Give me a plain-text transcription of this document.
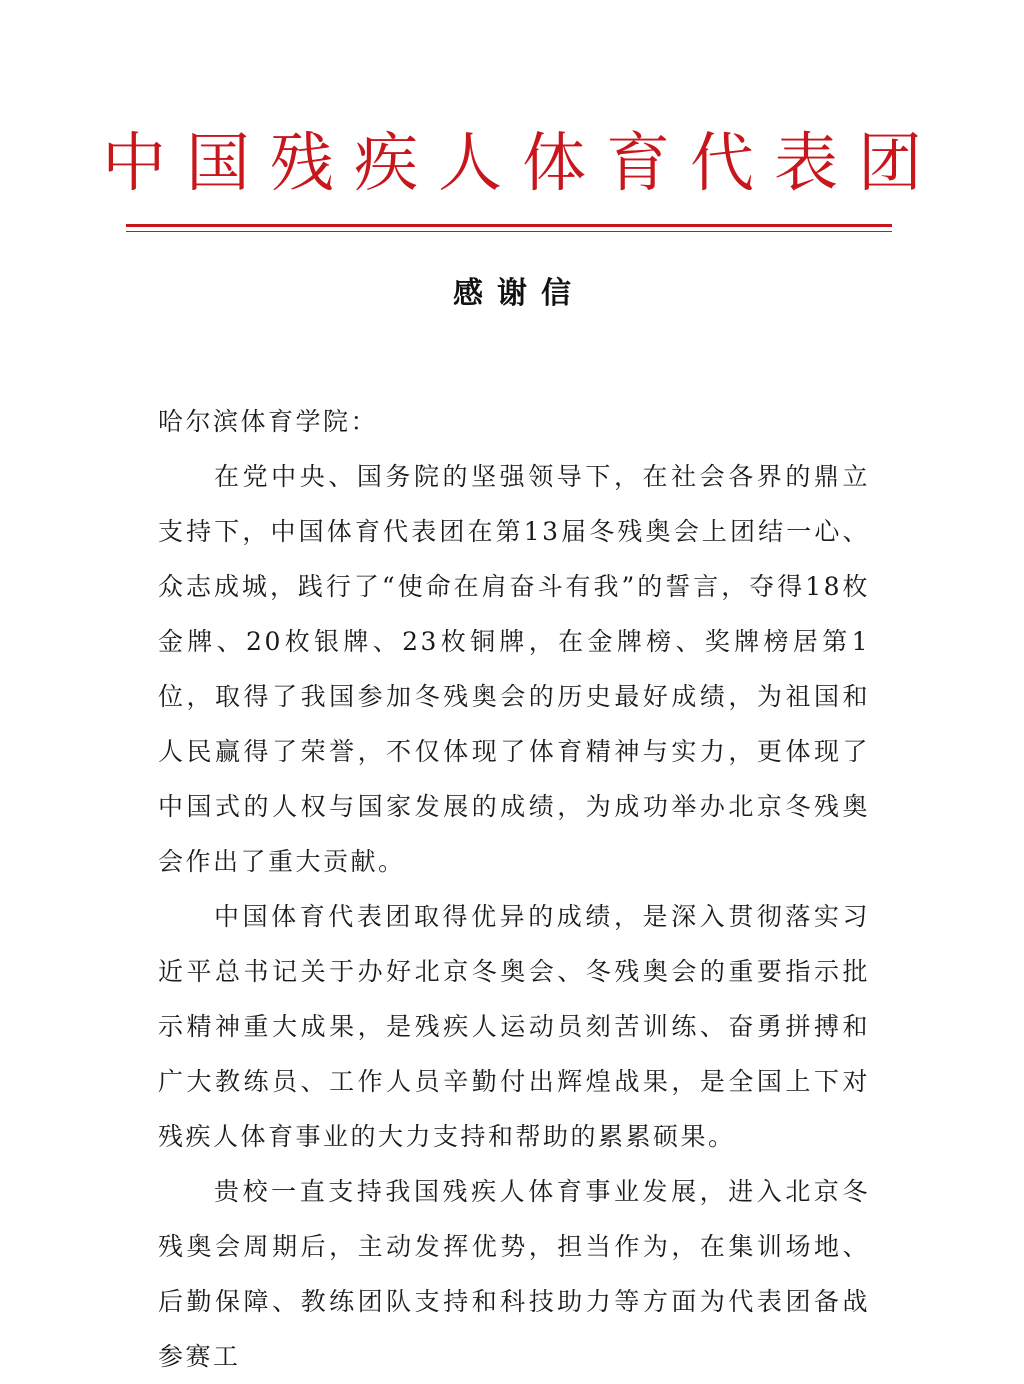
中国残疾人体育代表团
感谢信

哈尔滨体育学院：

在党中央、国务院的坚强领导下，在社会各界的鼎立支持下，中国体育代表团在第13届冬残奥会上团结一心、众志成城，践行了“使命在肩奋斗有我”的誓言，夺得18枚金牌、20枚银牌、23枚铜牌，在金牌榜、奖牌榜居第1位，取得了我国参加冬残奥会的历史最好成绩，为祖国和人民赢得了荣誉，不仅体现了体育精神与实力，更体现了中国式的人权与国家发展的成绩，为成功举办北京冬残奥会作出了重大贡献。

中国体育代表团取得优异的成绩，是深入贯彻落实习近平总书记关于办好北京冬奥会、冬残奥会的重要指示批示精神重大成果，是残疾人运动员刻苦训练、奋勇拼搏和广大教练员、工作人员辛勤付出辉煌战果，是全国上下对残疾人体育事业的大力支持和帮助的累累硕果。

贵校一直支持我国残疾人体育事业发展，进入北京冬残奥会周期后，主动发挥优势，担当作为，在集训场地、后勤保障、教练团队支持和科技助力等方面为代表团备战参赛工
